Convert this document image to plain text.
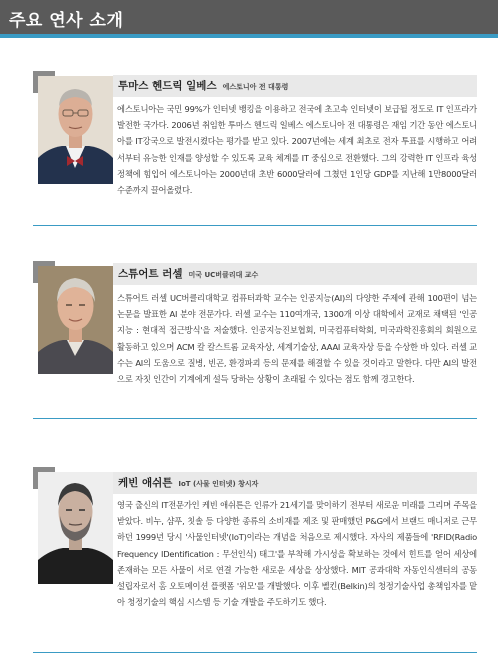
주요 연사 소개
투마스 헨드릭 일베스 에스토니아 전 대통령

에스토니아는 국민 99%가 인터넷 뱅킹을 이용하고 전국에 초고속 인터넷이 보급될 정도로 IT 인프라가 발전한 국가다. 2006년 취임한 투마스 헨드릭 일베스 에스토니아 전 대통령은 재임 기간 동안 에스토니아를 IT강국으로 발전시켰다는 평가를 받고 있다. 2007년에는 세계 최초로 전자 투표를 시행하고 어려서부터 유능한 인재를 양성할 수 있도록 교육 체계를 IT 중심으로 전환했다. 그의 강력한 IT 인프라 육성 정책에 힘입어 에스토니아는 2000년대 초반 6000달러에 그쳤던 1인당 GDP를 지난해 1만8000달러 수준까지 끌어올렸다.

스튜어트 러셀 미국 UC버클리대 교수

스튜어트 러셀 UC버클리대학교 컴퓨터과학 교수는 인공지능(AI)의 다양한 주제에 관해 100편이 넘는 논문을 발표한 AI 분야 전문가다. 러셀 교수는 110여개국, 1300개 이상 대학에서 교재로 채택된 '인공지능 : 현대적 접근방식'을 저술했다. 인공지능진보협회, 미국컴퓨터학회, 미국과학진흥회의 회원으로 활동하고 있으며 ACM 칼 칼스트롬 교육자상, 세계기술상, AAAI 교육자상 등을 수상한 바 있다. 러셀 교수는 AI의 도움으로 질병, 빈곤, 환경파괴 등의 문제를 해결할 수 있을 것이라고 말한다. 다만 AI의 발전으로 자칫 인간이 기계에게 설득 당하는 상황이 초래될 수 있다는 점도 함께 경고한다.

케빈 애쉬튼 IoT (사물 인터넷) 창시자

영국 출신의 IT전문가인 케빈 애쉬튼은 인류가 21세기를 맞이하기 전부터 새로운 미래를 그리며 주목을 받았다. 비누, 샴푸, 칫솔 등 다양한 종류의 소비재를 제조 및 판매했던 P&G에서 브랜드 매니저로 근무하던 1999년 당시 '사물인터넷'(IoT)이라는 개념을 처음으로 제시했다. 자사의 제품들에 'RFID(Radio Frequency IDentification : 무선인식) 태그'를 부착해 가시성을 확보하는 것에서 힌트를 얻어 세상에 존재하는 모든 사물이 서로 연결 가능한 새로운 세상을 상상했다. MIT 공과대학 자동인식센터의 공동 설립자로서 홈 오토메이션 플랫폼 '위모'를 개발했다. 이후 벨킨(Belkin)의 청정기술사업 총책임자를 맡아 청정기술의 핵심 시스템 등 기술 개발을 주도하기도 했다.
